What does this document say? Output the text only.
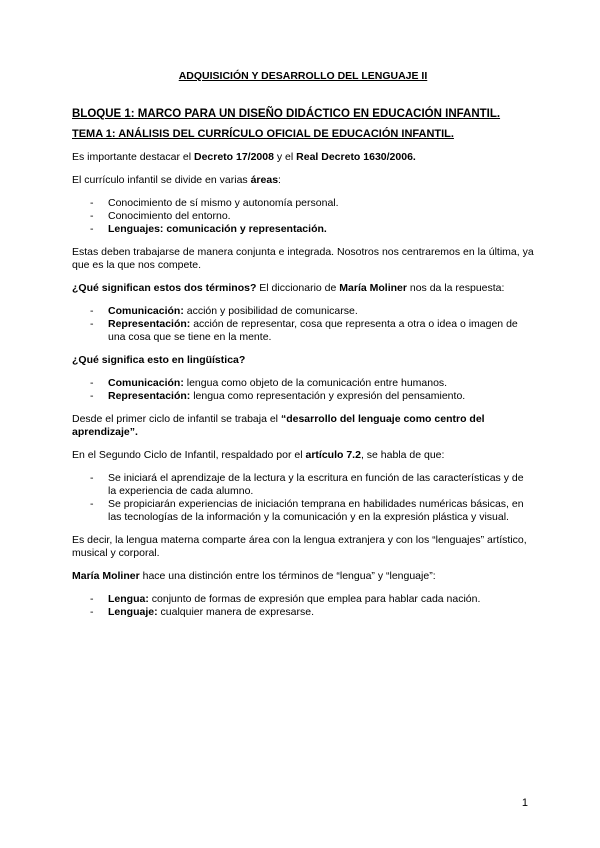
ADQUISICIÓN Y DESARROLLO DEL LENGUAJE II
BLOQUE 1: MARCO PARA UN DISEÑO DIDÁCTICO EN EDUCACIÓN INFANTIL.
TEMA 1: ANÁLISIS DEL CURRÍCULO OFICIAL DE EDUCACIÓN INFANTIL.

Es importante destacar el Decreto 17/2008 y el Real Decreto 1630/2006.

El currículo infantil se divide en varias áreas:

- Conocimiento de sí mismo y autonomía personal.
- Conocimiento del entorno.
- Lenguajes: comunicación y representación.

Estas deben trabajarse de manera conjunta e integrada. Nosotros nos centraremos en la última, ya que es la que nos compete.

¿Qué significan estos dos términos? El diccionario de María Moliner nos da la respuesta:

- Comunicación: acción y posibilidad de comunicarse.
- Representación: acción de representar, cosa que representa a otra o idea o imagen de una cosa que se tiene en la mente.

¿Qué significa esto en lingüística?

- Comunicación: lengua como objeto de la comunicación entre humanos.
- Representación: lengua como representación y expresión del pensamiento.

Desde el primer ciclo de infantil se trabaja el “desarrollo del lenguaje como centro del aprendizaje”.

En el Segundo Ciclo de Infantil, respaldado por el artículo 7.2, se habla de que:

- Se iniciará el aprendizaje de la lectura y la escritura en función de las características y de la experiencia de cada alumno.
- Se propiciarán experiencias de iniciación temprana en habilidades numéricas básicas, en las tecnologías de la información y la comunicación y en la expresión plástica y visual.

Es decir, la lengua materna comparte área con la lengua extranjera y con los “lenguajes” artístico, musical y corporal.

María Moliner hace una distinción entre los términos de “lengua” y “lenguaje”:

- Lengua: conjunto de formas de expresión que emplea para hablar cada nación.
- Lenguaje: cualquier manera de expresarse.
1
